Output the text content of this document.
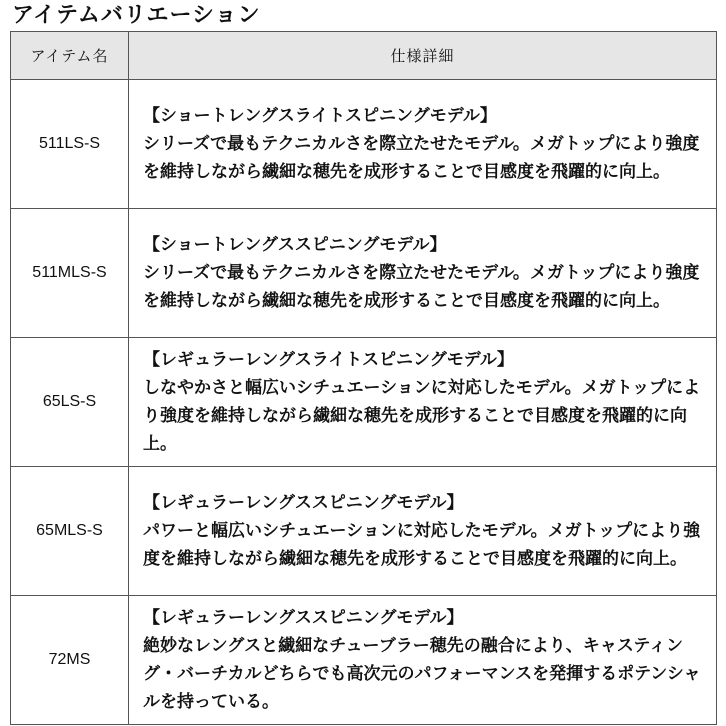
アイテムバリエーション
アイテム名	仕様詳細
511LS-S	【ショートレングスライトスピニングモデル】
シリーズで最もテクニカルさを際立たせたモデル。メガトップにより強度を維持しながら繊細な穂先を成形することで目感度を飛躍的に向上。

511MLS-S	【ショートレングススピニングモデル】
シリーズで最もテクニカルさを際立たせたモデル。メガトップにより強度を維持しながら繊細な穂先を成形することで目感度を飛躍的に向上。

65LS-S	【レギュラーレングスライトスピニングモデル】
しなやかさと幅広いシチュエーションに対応したモデル。メガトップにより強度を維持しながら繊細な穂先を成形することで目感度を飛躍的に向上。

65MLS-S	【レギュラーレングススピニングモデル】
パワーと幅広いシチュエーションに対応したモデル。メガトップにより強度を維持しながら繊細な穂先を成形することで目感度を飛躍的に向上。

72MS	【レギュラーレングススピニングモデル】
絶妙なレングスと繊細なチューブラー穂先の融合により、キャスティング・バーチカルどちらでも高次元のパフォーマンスを発揮するポテンシャルを持っている。
